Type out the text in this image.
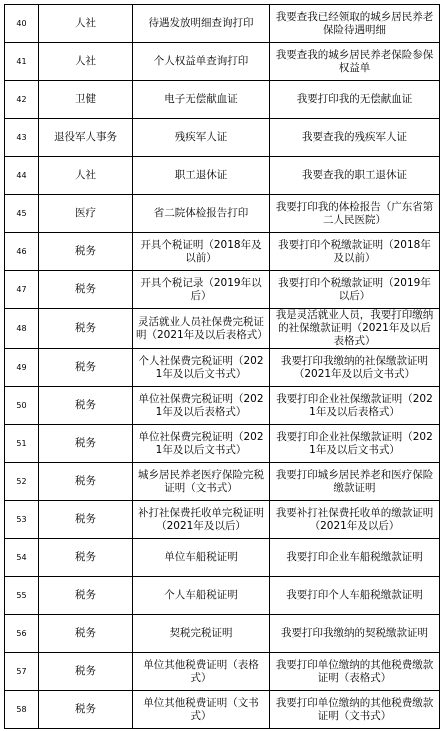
40	人社	待遇发放明细查询打印	我要查我已经领取的城乡居民养老保险待遇明细
41	人社	个人权益单查询打印	我要查我的城乡居民养老保险参保权益单
42	卫健	电子无偿献血证	我要打印我的无偿献血证
43	退役军人事务	残疾军人证	我要查我的残疾军人证
44	人社	职工退休证	我要查我的职工退休证
45	医疗	省二院体检报告打印	我要打印我的体检报告（广东省第二人民医院）
46	税务	开具个税证明（2018年及以前）	我要打印个税缴款证明（2018年及以前）
47	税务	开具个税记录（2019年以后）	我要打印个税缴款证明（2019年以后）
48	税务	灵活就业人员社保费完税证明（2021年及以后表格式）	我是灵活就业人员，我要打印缴纳的社保缴款证明（2021年及以后表格式）
49	税务	个人社保费完税证明（2021年及以后文书式）	我要打印我缴纳的社保缴款证明（2021年及以后文书式）
50	税务	单位社保费完税证明（2021年及以后表格式）	我要打印企业社保缴款证明（2021年及以后表格式）
51	税务	单位社保费完税证明（2021年及以后文书式）	我要打印企业社保缴款证明（2021年及以后文书式）
52	税务	城乡居民养老医疗保险完税证明（文书式）	我要打印城乡居民养老和医疗保险缴款证明
53	税务	补打社保费托收单完税证明（2021年及以后）	我要补打社保费托收单的缴款证明（2021年及以后）
54	税务	单位车船税证明	我要打印企业车船税缴款证明
55	税务	个人车船税证明	我要打印个人车船税缴款证明
56	税务	契税完税证明	我要打印我缴纳的契税缴款证明
57	税务	单位其他税费证明（表格式）	我要打印单位缴纳的其他税费缴款证明（表格式）
58	税务	单位其他税费证明（文书式）	我要打印单位缴纳的其他税费缴款证明（文书式）
